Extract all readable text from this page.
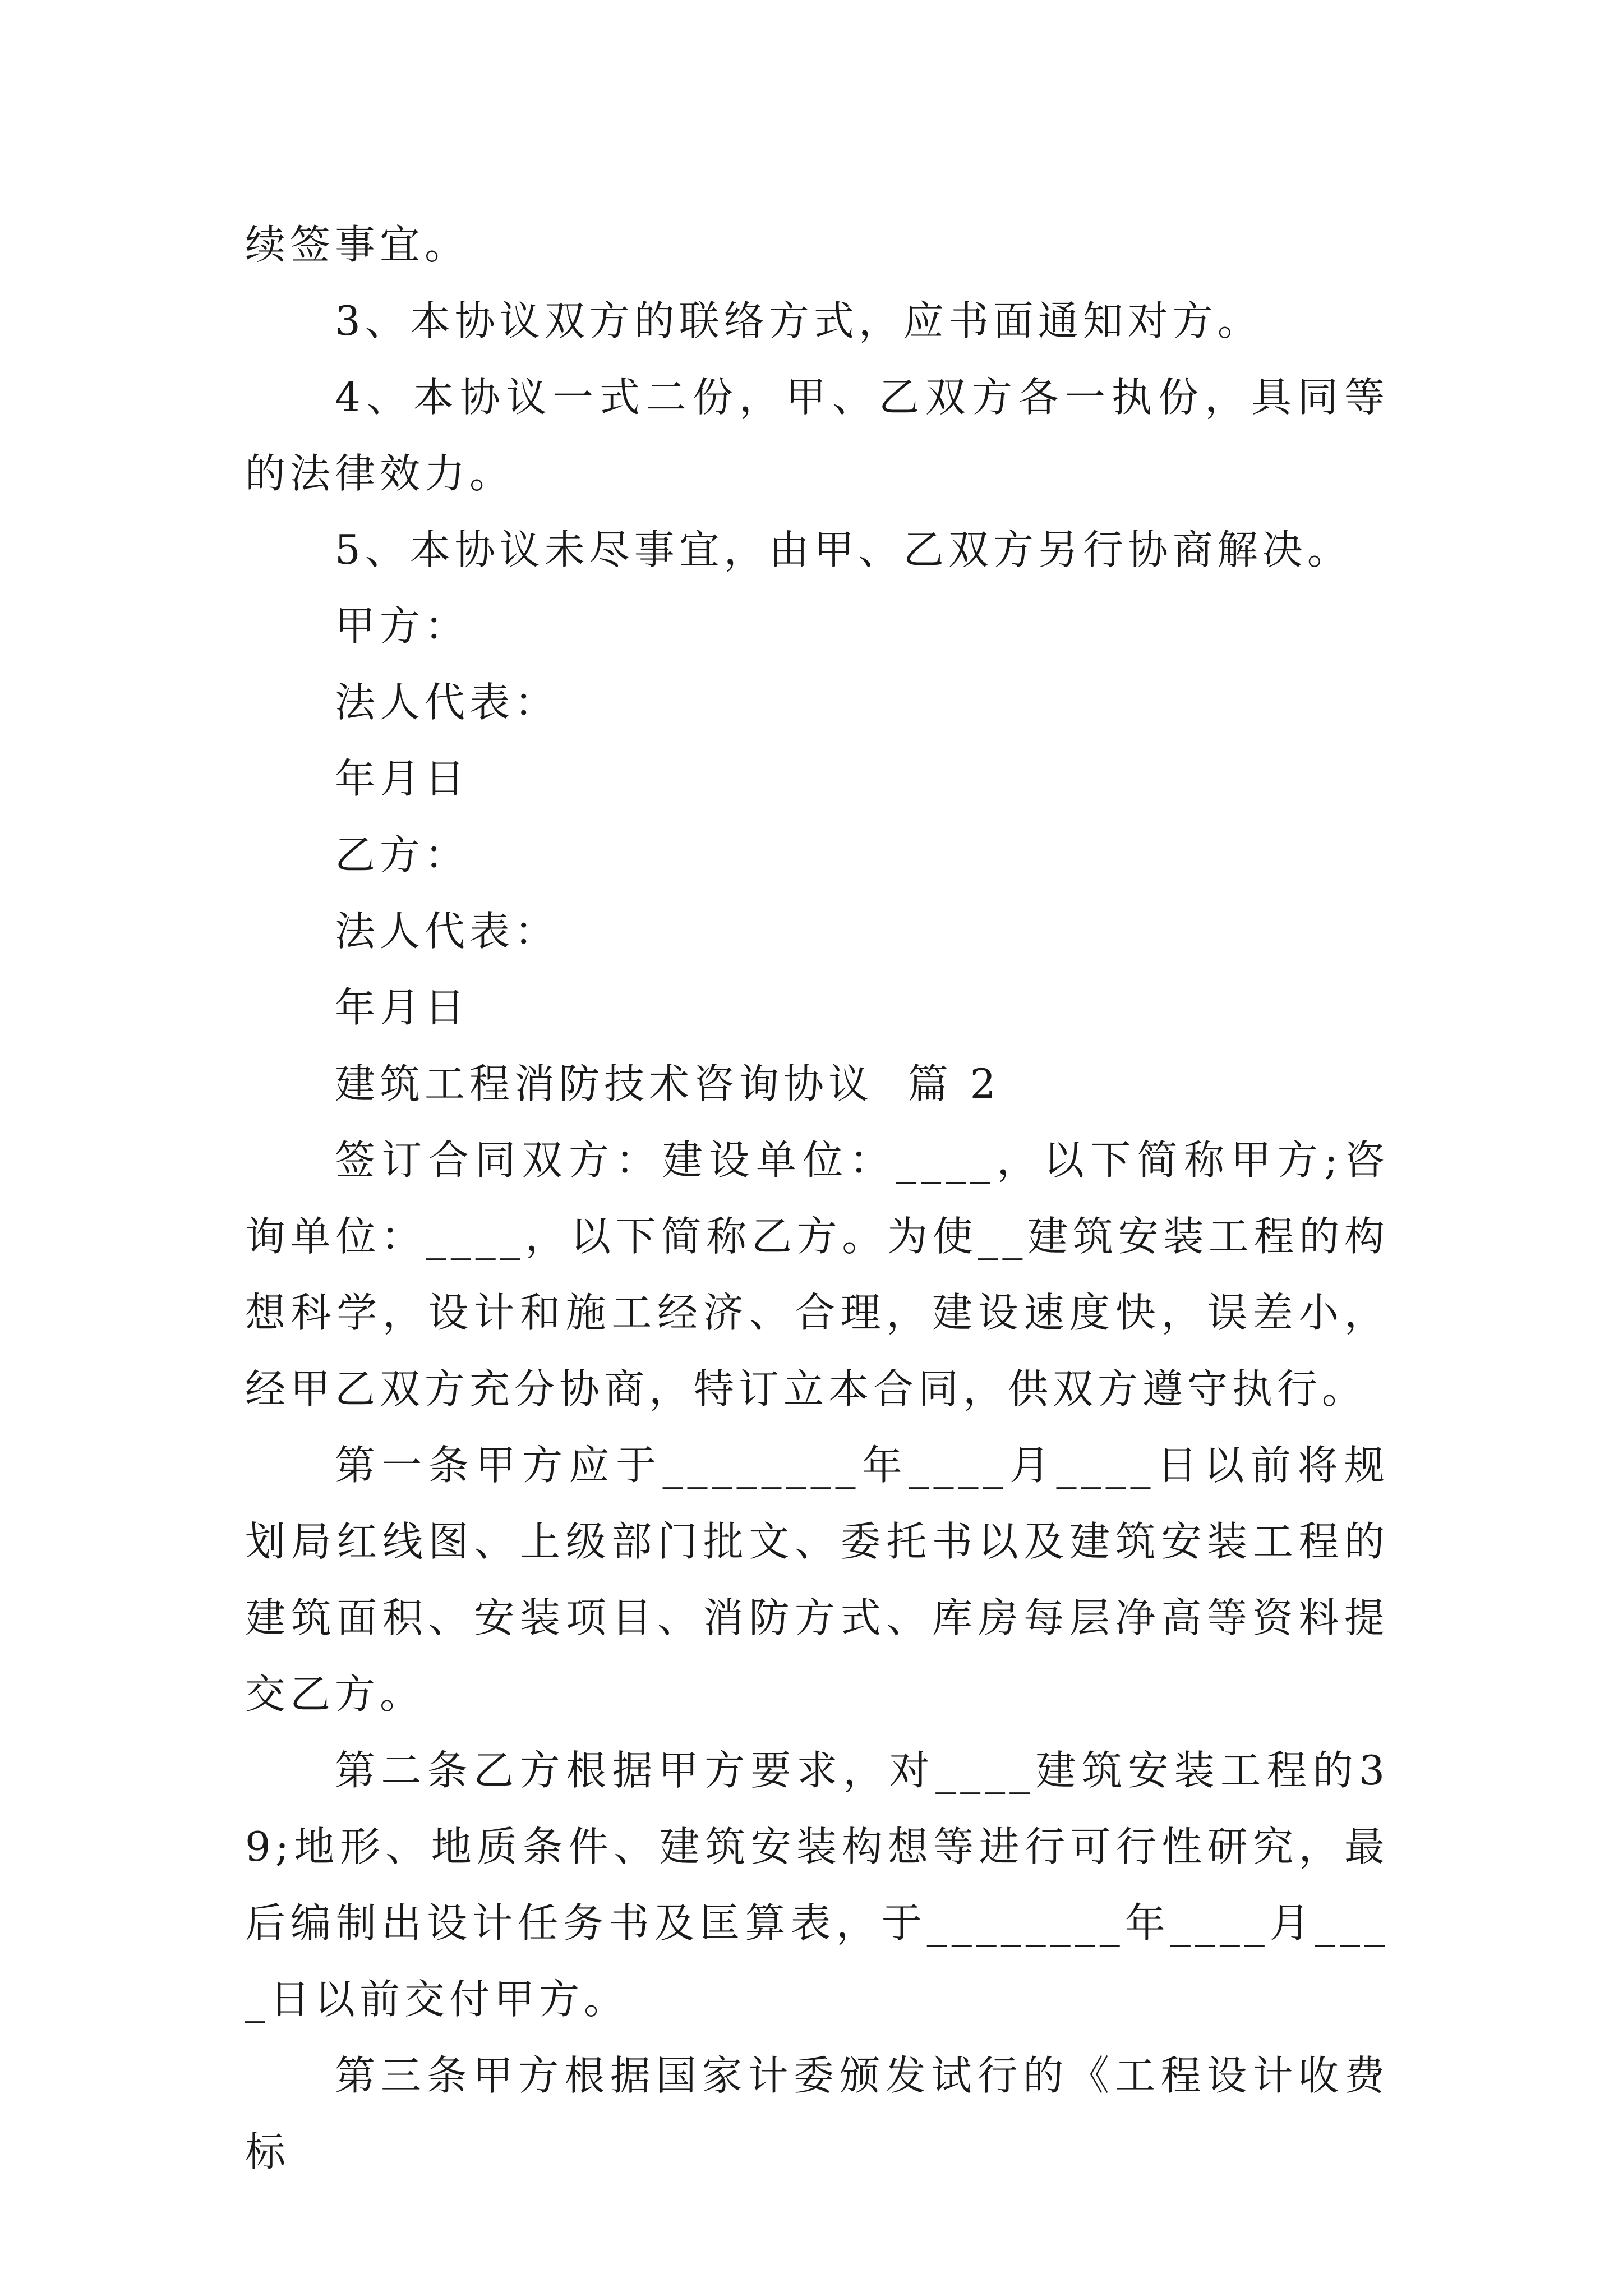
续签事宜。

3、本协议双方的联络方式，应书面通知对方。

4、本协议一式二份，甲、乙双方各一执份，具同等的法律效力。

5、本协议未尽事宜，由甲、乙双方另行协商解决。

甲方：

法人代表：

年月日

乙方：

法人代表：

年月日

建筑工程消防技术咨询协议  篇 2

签订合同双方：建设单位：____，以下简称甲方;咨询单位：____，以下简称乙方。为使__建筑安装工程的构想科学，设计和施工经济、合理，建设速度快，误差小，经甲乙双方充分协商，特订立本合同，供双方遵守执行。

第一条甲方应于________年____月____日以前将规划局红线图、上级部门批文、委托书以及建筑安装工程的建筑面积、安装项目、消防方式、库房每层净高等资料提交乙方。

第二条乙方根据甲方要求，对____建筑安装工程的39;地形、地质条件、建筑安装构想等进行可行性研究，最后编制出设计任务书及匡算表，于________年____月____日以前交付甲方。

第三条甲方根据国家计委颁发试行的《工程设计收费标
